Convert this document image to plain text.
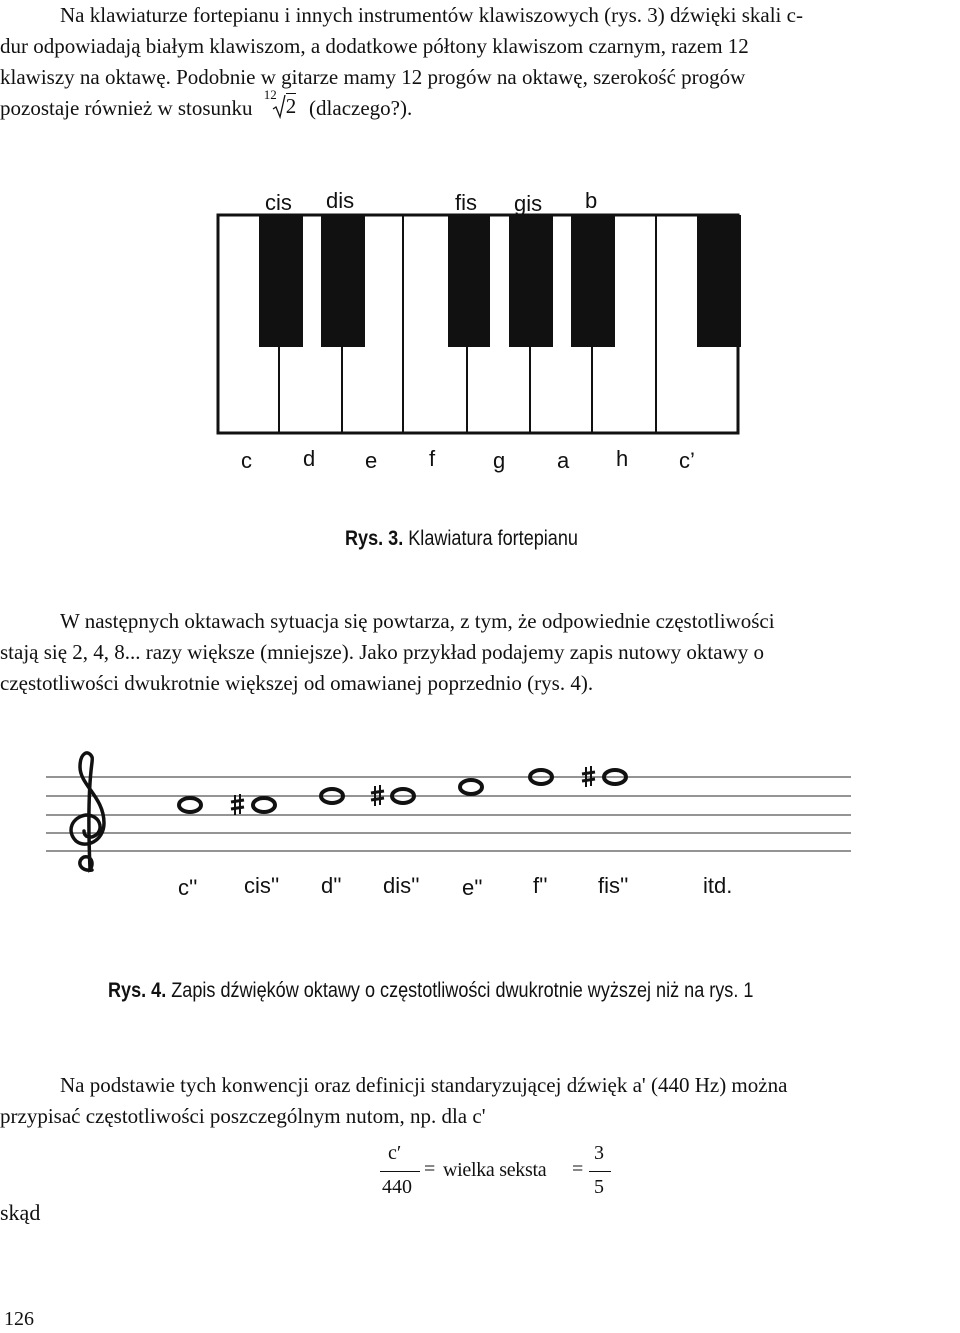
Na klawiaturze fortepianu i innych instrumentów klawiszowych (rys. 3) dźwięki skali c-
dur odpowiadają białym klawiszom, a dodatkowe półtony klawiszom czarnym, razem 12
klawiszy na oktawę. Podobnie w gitarze mamy 12 progów na oktawę, szerokość progów
pozostaje również w stosunku
12 2 (dlaczego?).
cis dis	fis gis b
c d e f	g a h c’
Rys. 3. Klawiatura fortepianu
W następnych oktawach sytuacja się powtarza, z tym, że odpowiednie częstotliwości
stają się 2, 4, 8... razy większe (mniejsze). Jako przykład podajemy zapis nutowy oktawy o
częstotliwości dwukrotnie większej od omawianej poprzednio (rys. 4).
c'' cis'' d'' dis'' e'' f'' fis''	itd.
Rys. 4. Zapis dźwięków oktawy o częstotliwości dwukrotnie wyższej niż na rys. 1
Na podstawie tych konwencji oraz definicji standaryzującej dźwięk a' (440 Hz) można
przypisać częstotliwości poszczególnym nutom, np. dla c'
c′
440
= wielka seksta =
3
5
skąd
126
